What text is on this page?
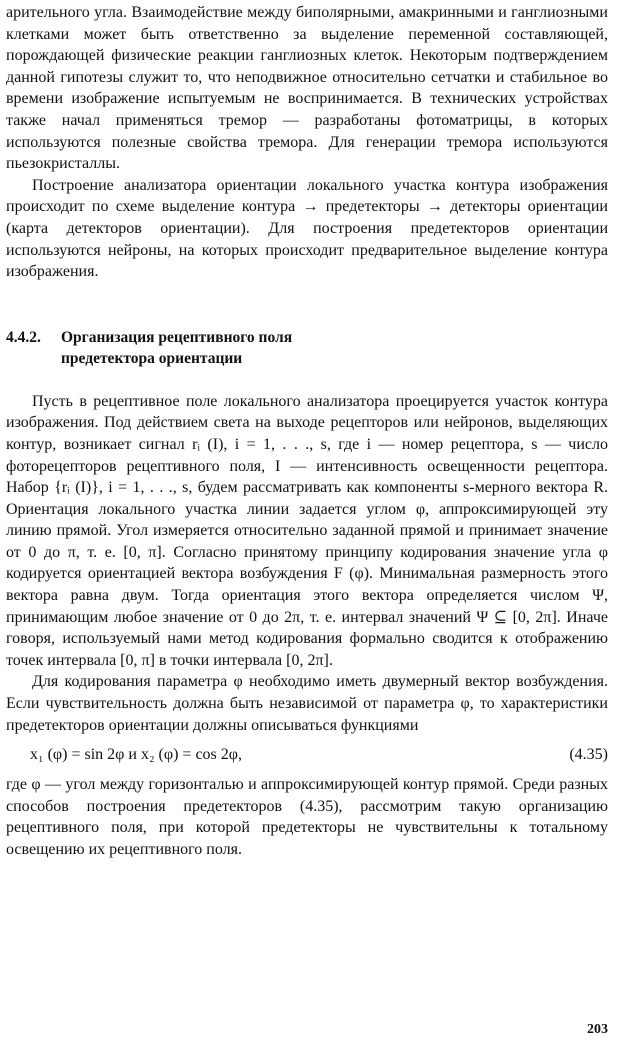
арительного угла. Взаимодействие между биполярными, амакринными и ганглиозными клетками может быть ответственно за выделение переменной составляющей, порождающей физические реакции ганглиозных клеток. Некоторым подтверждением данной гипотезы служит то, что неподвижное относительно сетчатки и стабильное во времени изображение испытуемым не воспринимается. В технических устройствах также начал применяться тремор — разработаны фотоматрицы, в которых используются полезные свойства тремора. Для генерации тремора используются пьезокристаллы.

Построение анализатора ориентации локального участка контура изображения происходит по схеме выделение контура → предетекторы → детекторы ориентации (карта детекторов ориентации). Для построения предетекторов ориентации используются нейроны, на которых происходит предварительное выделение контура изображения.

4.4.2. Организация рецептивного поля
предетектора ориентации

Пусть в рецептивное поле локального анализатора проецируется участок контура изображения. Под действием света на выходе рецепторов или нейронов, выделяющих контур, возникает сигнал rᵢ (I), i = 1, . . ., s, где i — номер рецептора, s — число фоторецепторов рецептивного поля, I — интенсивность освещенности рецептора. Набор {rᵢ (I)}, i = 1, . . ., s, будем рассматривать как компоненты s-мерного вектора R. Ориентация локального участка линии задается углом φ, аппроксимирующей эту линию прямой. Угол измеряется относительно заданной прямой и принимает значение от 0 до π, т. е. [0, π]. Согласно принятому принципу кодирования значение угла φ кодируется ориентацией вектора возбуждения F (φ). Минимальная размерность этого вектора равна двум. Тогда ориентация этого вектора определяется числом Ψ, принимающим любое значение от 0 до 2π, т. е. интервал значений Ψ ⊆ [0, 2π]. Иначе говоря, используемый нами метод кодирования формально сводится к отображению точек интервала [0, π] в точки интервала [0, 2π].

Для кодирования параметра φ необходимо иметь двумерный вектор возбуждения. Если чувствительность должна быть независимой от параметра φ, то характеристики предетекторов ориентации должны описываться функциями

x₁ (φ) = sin 2φ и x₂ (φ) = cos 2φ,	(4.35)

где φ — угол между горизонталью и аппроксимирующей контур прямой. Среди разных способов построения предетекторов (4.35), рассмотрим такую организацию рецептивного поля, при которой предетекторы не чувствительны к тотальному освещению их рецептивного поля.

203
